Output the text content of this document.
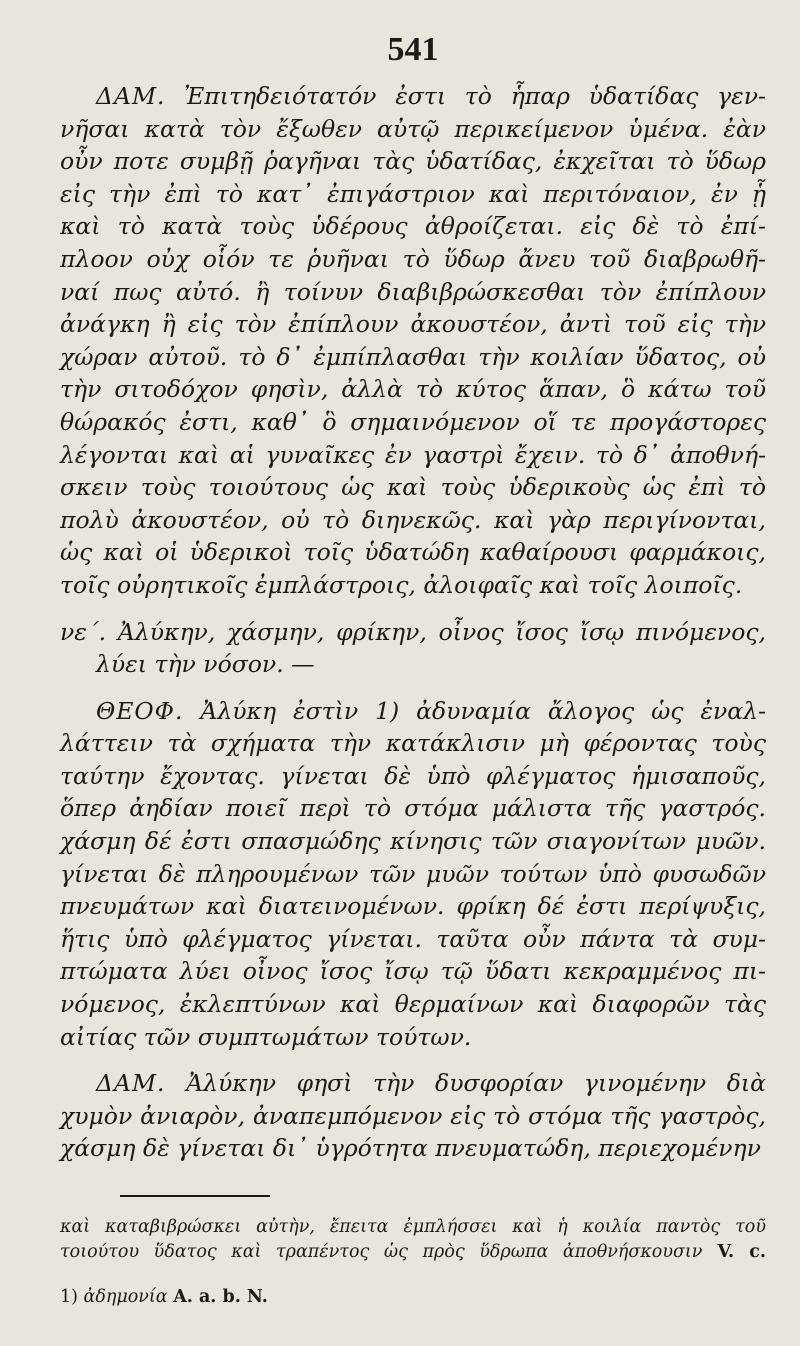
541
ΔΑΜ. Ἐπιτηδειότατόν ἐστι τὸ ἧπαρ ὑδατίδας γεν-
νῆσαι κατὰ τὸν ἔξωθεν αὐτῷ περικείμενον ὑμένα. ἐὰν
οὖν ποτε συμβῇ ῥαγῆναι τὰς ὑδατίδας, ἐκχεῖται τὸ ὕδωρ
εἰς τὴν ἐπὶ τὸ κατ᾽ ἐπιγάστριον καὶ περιτόναιον, ἐν ᾗ
καὶ τὸ κατὰ τοὺς ὑδέρους ἀθροίζεται. εἰς δὲ τὸ ἐπί-
πλοον οὐχ οἷόν τε ῥυῆναι τὸ ὕδωρ ἄνευ τοῦ διαβρωθῆ-
ναί πως αὐτό. ἢ τοίνυν διαβιβρώσκεσθαι τὸν ἐπίπλουν
ἀνάγκη ἢ εἰς τὸν ἐπίπλουν ἀκουστέον, ἀντὶ τοῦ εἰς τὴν
χώραν αὐτοῦ. τὸ δ᾽ ἐμπίπλασθαι τὴν κοιλίαν ὕδατος, οὐ
τὴν σιτοδόχον φησὶν, ἀλλὰ τὸ κύτος ἅπαν, ὃ κάτω τοῦ
θώρακός ἐστι, καθ᾽ ὃ σημαινόμενον οἵ τε προγάστορες
λέγονται καὶ αἱ γυναῖκες ἐν γαστρὶ ἔχειν. τὸ δ᾽ ἀποθνή-
σκειν τοὺς τοιούτους ὡς καὶ τοὺς ὑδερικοὺς ὡς ἐπὶ τὸ
πολὺ ἀκουστέον, οὐ τὸ διηνεκῶς. καὶ γὰρ περιγίνονται,
ὡς καὶ οἱ ὑδερικοὶ τοῖς ὑδατώδη καθαίρουσι φαρμάκοις,
τοῖς οὐρητικοῖς ἐμπλάστροις, ἀλοιφαῖς καὶ τοῖς λοιποῖς.
νε΄. Ἀλύκην, χάσμην, φρίκην, οἶνος ἴσος ἴσῳ πινόμενος,
λύει τὴν νόσον. —
ΘΕΟΦ. Ἀλύκη ἐστὶν 1) ἀδυναμία ἄλογος ὡς ἐναλ-
λάττειν τὰ σχήματα τὴν κατάκλισιν μὴ φέροντας τοὺς
ταύτην ἔχοντας. γίνεται δὲ ὑπὸ φλέγματος ἡμισαποῦς,
ὅπερ ἀηδίαν ποιεῖ περὶ τὸ στόμα μάλιστα τῆς γαστρός.
χάσμη δέ ἐστι σπασμώδης κίνησις τῶν σιαγονίτων μυῶν.
γίνεται δὲ πληρουμένων τῶν μυῶν τούτων ὑπὸ φυσωδῶν
πνευμάτων καὶ διατεινομένων. φρίκη δέ ἐστι περίψυξις,
ἥτις ὑπὸ φλέγματος γίνεται. ταῦτα οὖν πάντα τὰ συμ-
πτώματα λύει οἶνος ἴσος ἴσῳ τῷ ὕδατι κεκραμμένος πι-
νόμενος, ἐκλεπτύνων καὶ θερμαίνων καὶ διαφορῶν τὰς
αἰτίας τῶν συμπτωμάτων τούτων.
ΔΑΜ. Ἀλύκην φησὶ τὴν δυσφορίαν γινομένην διὰ
χυμὸν ἀνιαρὸν, ἀναπεμπόμενον εἰς τὸ στόμα τῆς γαστρὸς,
χάσμη δὲ γίνεται δι᾽ ὑγρότητα πνευματώδη, περιεχομένην
καὶ καταβιβρώσκει αὐτὴν, ἔπειτα ἐμπλήσσει καὶ ἡ κοιλία παντὸς τοῦ
τοιούτου ὕδατος καὶ τραπέντος ὡς πρὸς ὕδρωπα ἀποθνήσκουσιν V. c.
1) ἀδημονία A. a. b. N.
